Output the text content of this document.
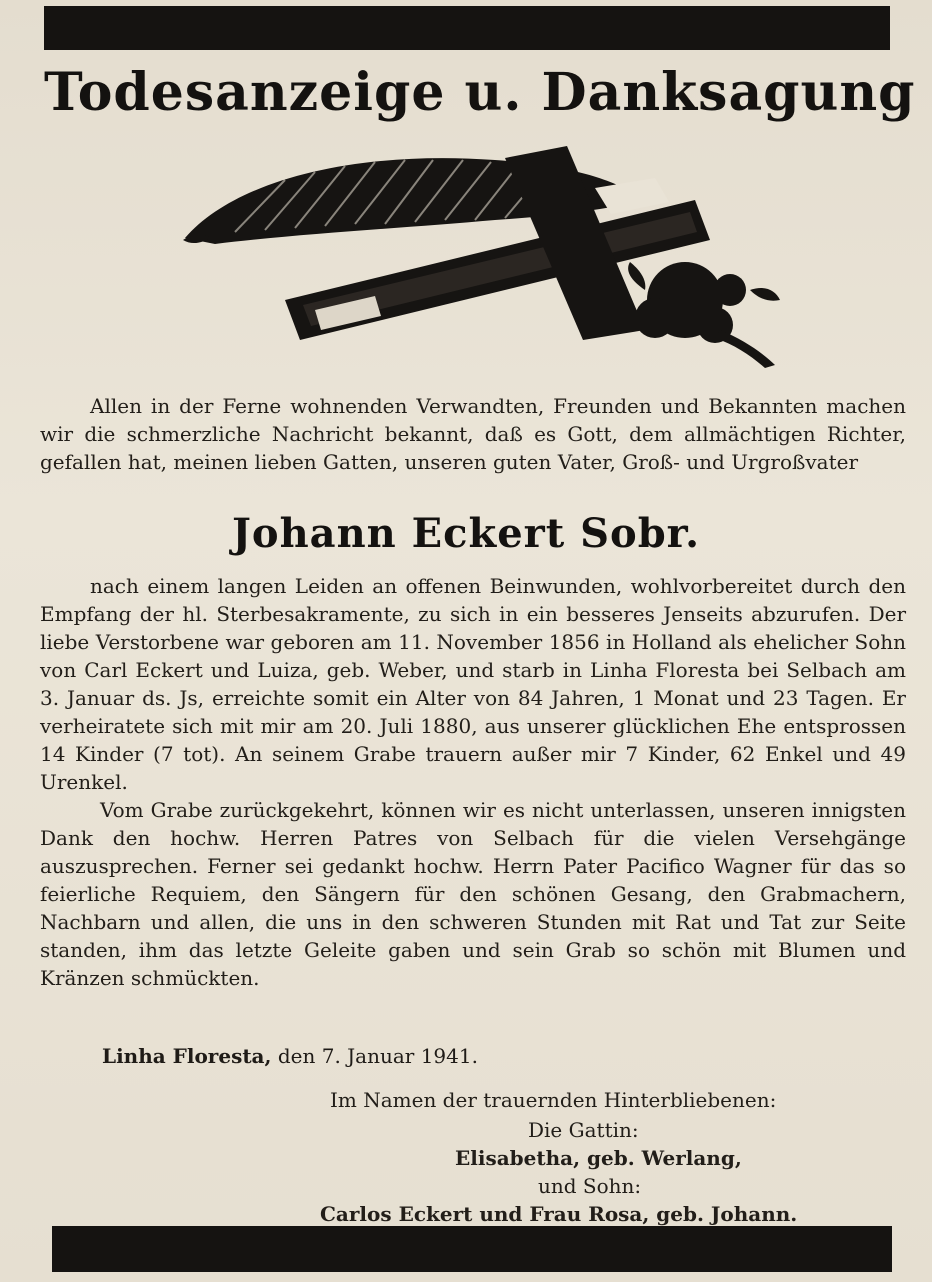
Todesanzeige u. Danksagung

Allen in der Ferne wohnenden Verwandten, Freunden und Bekannten machen wir die schmerzliche Nachricht bekannt, daß es Gott, dem allmächtigen Richter, gefallen hat, meinen lieben Gatten, unseren guten Vater, Groß- und Urgroßvater

Johann Eckert Sobr.

nach einem langen Leiden an offenen Beinwunden, wohlvorbereitet durch den Empfang der hl. Sterbesakramente, zu sich in ein besseres Jenseits abzurufen. Der liebe Verstorbene war geboren am 11. November 1856 in Holland als ehelicher Sohn von Carl Eckert und Luiza, geb. Weber, und starb in Linha Floresta bei Selbach am 3. Januar ds. Js, erreichte somit ein Alter von 84 Jahren, 1 Monat und 23 Tagen. Er verheiratete sich mit mir am 20. Juli 1880, aus unserer glücklichen Ehe entsprossen 14 Kinder (7 tot). An seinem Grabe trauern außer mir 7 Kinder, 62 Enkel und 49 Urenkel.

Vom Grabe zurückgekehrt, können wir es nicht unterlassen, unseren innigsten Dank den hochw. Herren Patres von Selbach für die vielen Versehgänge auszusprechen. Ferner sei gedankt hochw. Herrn Pater Pacifico Wagner für das so feierliche Requiem, den Sängern für den schönen Gesang, den Grabmachern, Nachbarn und allen, die uns in den schweren Stunden mit Rat und Tat zur Seite standen, ihm das letzte Geleite gaben und sein Grab so schön mit Blumen und Kränzen schmückten.

Linha Floresta, den 7. Januar 1941.
Im Namen der trauernden Hinterbliebenen:
Die Gattin:
Elisabetha, geb. Werlang,
und Sohn:
Carlos Eckert und Frau Rosa, geb. Johann.
